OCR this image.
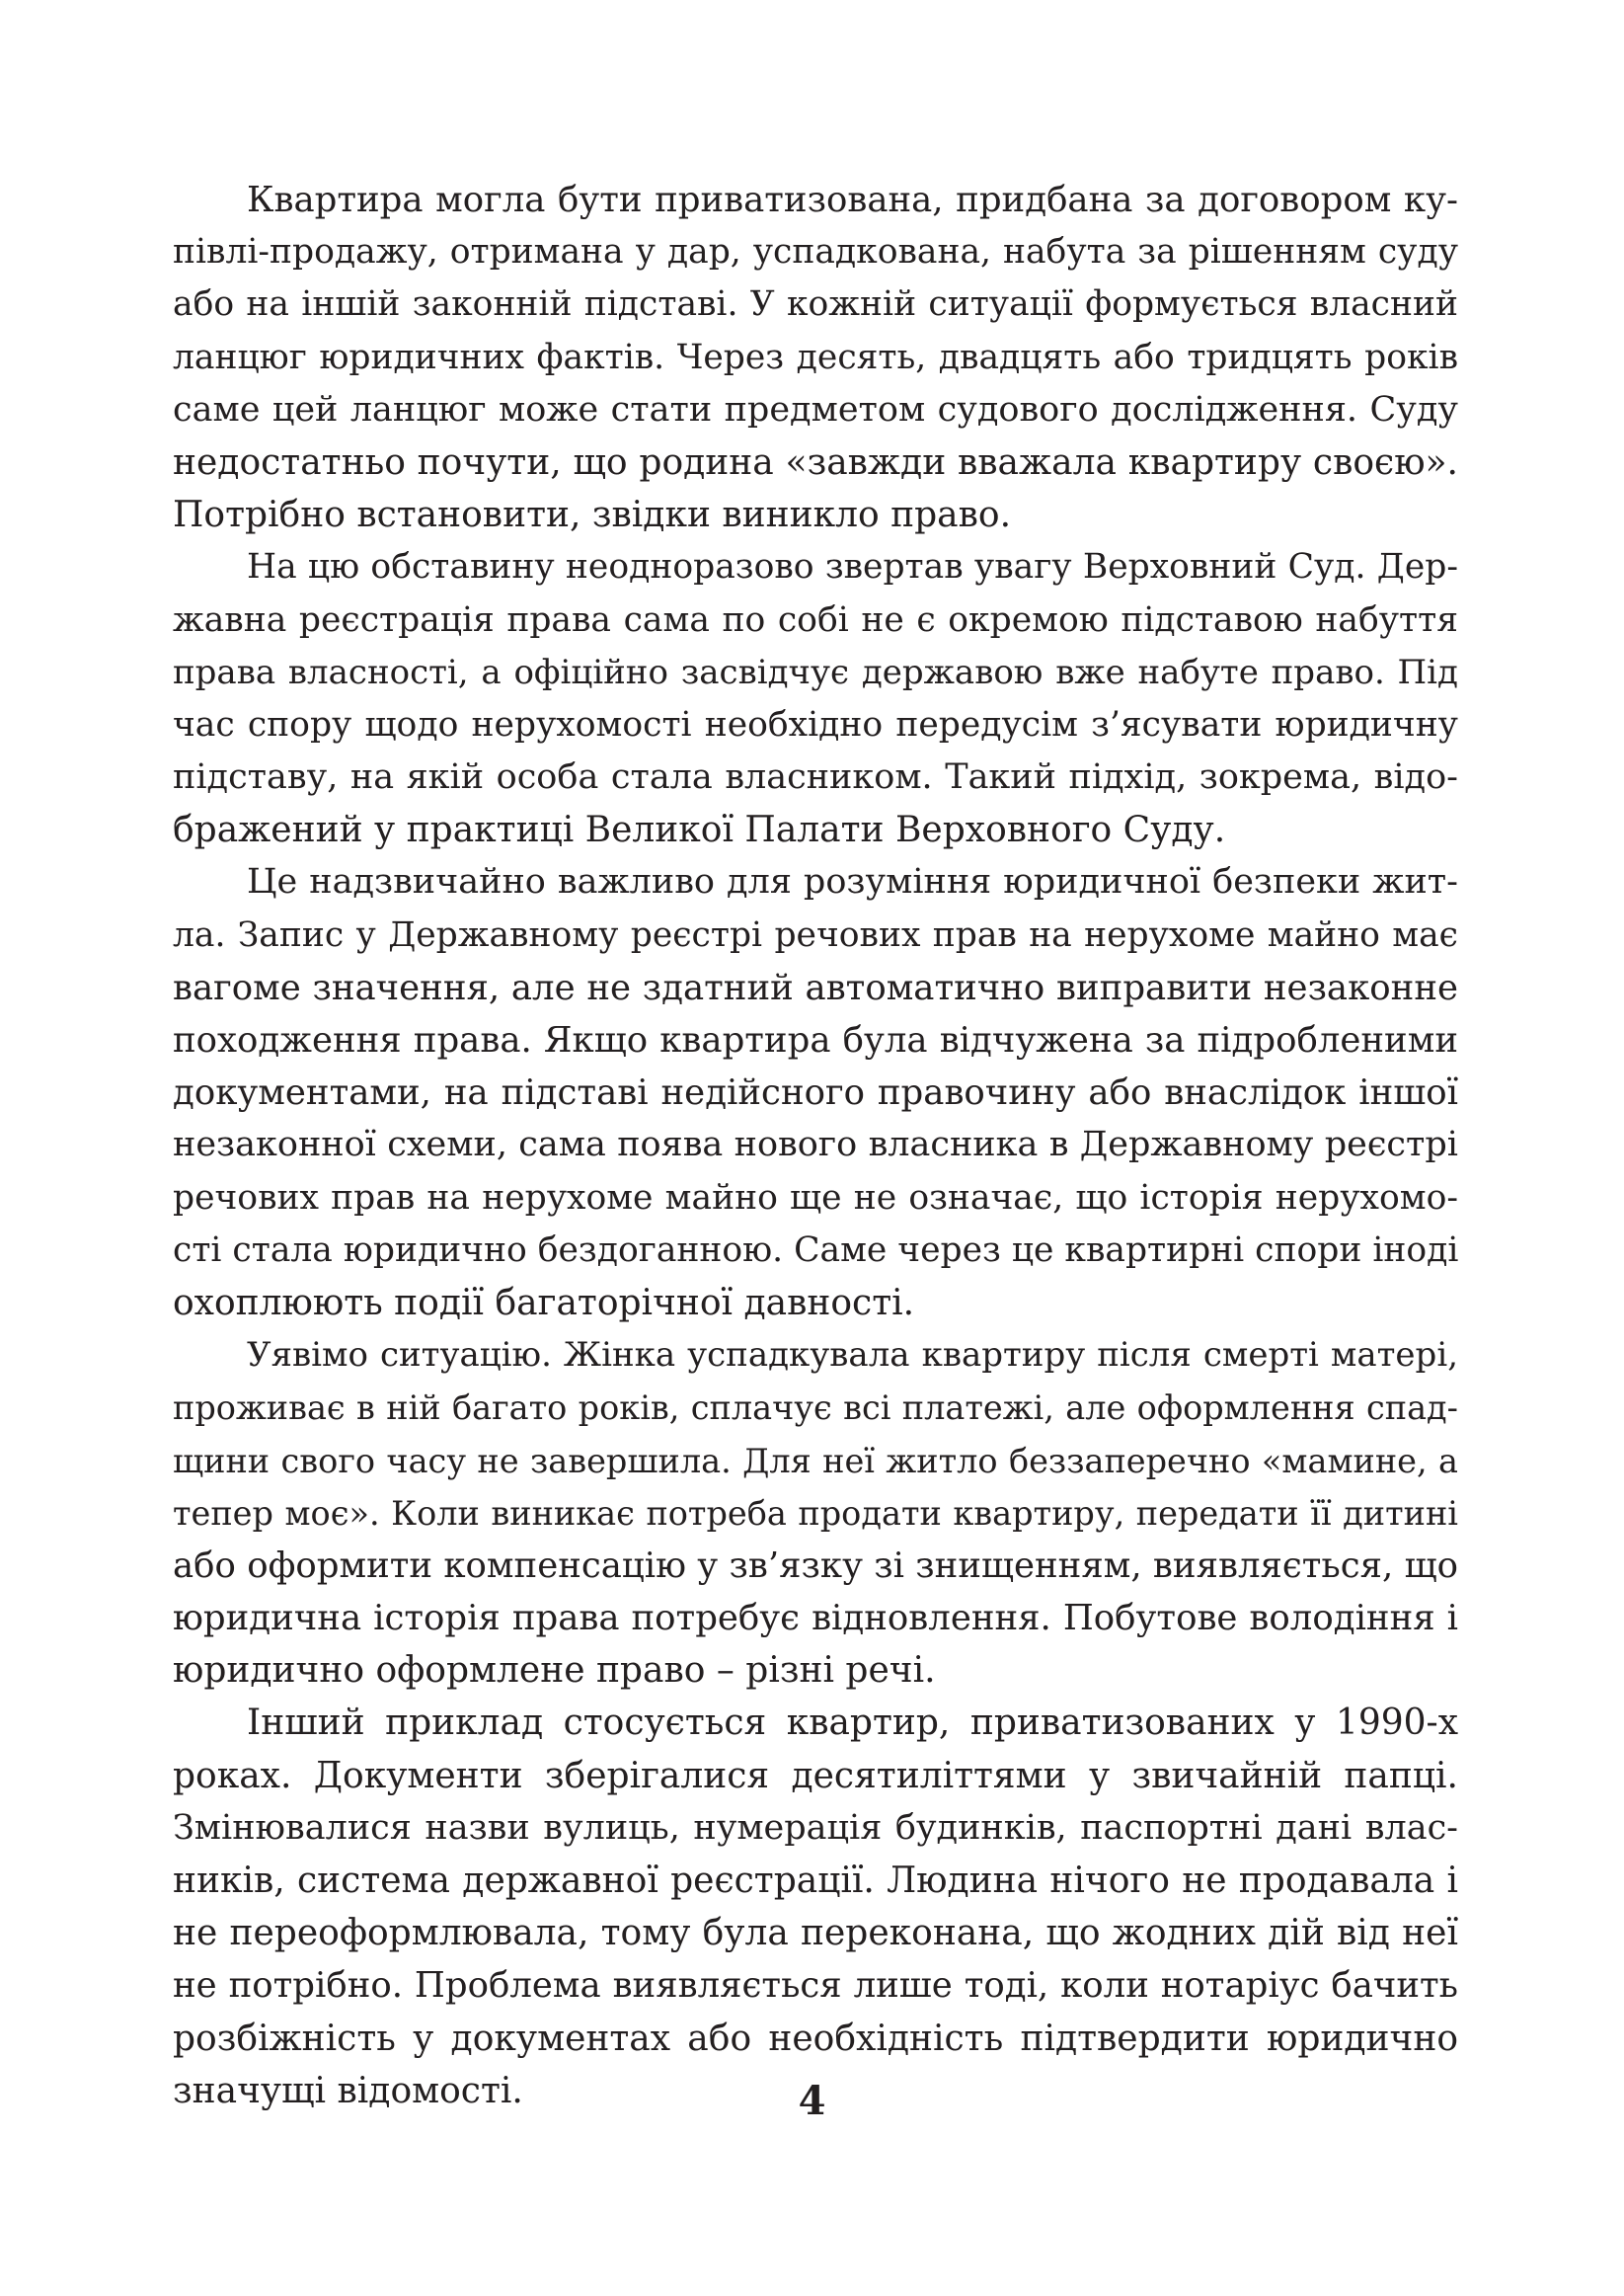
Квартира могла бути приватизована, придбана за договором ку-
півлі-продажу, отримана у дар, успадкована, набута за рішенням суду
або на іншій законній підставі. У кожній ситуації формується власний
ланцюг юридичних фактів. Через десять, двадцять або тридцять років
саме цей ланцюг може стати предметом судового дослідження. Суду
недостатньо почути, що родина «завжди вважала квартиру своєю».
Потрібно встановити, звідки виникло право.
На цю обставину неодноразово звертав увагу Верховний Суд. Дер-
жавна реєстрація права сама по собі не є окремою підставою набуття
права власності, а офіційно засвідчує державою вже набуте право. Під
час спору щодо нерухомості необхідно передусім з’ясувати юридичну
підставу, на якій особа стала власником. Такий підхід, зокрема, відо-
бражений у практиці Великої Палати Верховного Суду.
Це надзвичайно важливо для розуміння юридичної безпеки жит-
ла. Запис у Державному реєстрі речових прав на нерухоме майно має
вагоме значення, але не здатний автоматично виправити незаконне
походження права. Якщо квартира була відчужена за підробленими
документами, на підставі недійсного правочину або внаслідок іншої
незаконної схеми, сама поява нового власника в Державному реєстрі
речових прав на нерухоме майно ще не означає, що історія нерухомо-
сті стала юридично бездоганною. Саме через це квартирні спори іноді
охоплюють події багаторічної давності.
Уявімо ситуацію. Жінка успадкувала квартиру після смерті матері,
проживає в ній багато років, сплачує всі платежі, але оформлення спад-
щини свого часу не завершила. Для неї житло беззаперечно «мамине, а
тепер моє». Коли виникає потреба продати квартиру, передати її дитині
або оформити компенсацію у зв’язку зі знищенням, виявляється, що
юридична історія права потребує відновлення. Побутове володіння і
юридично оформлене право – різні речі.
Інший приклад стосується квартир, приватизованих у 1990-х
роках. Документи зберігалися десятиліттями у звичайній папці.
Змінювалися назви вулиць, нумерація будинків, паспортні дані влас-
ників, система державної реєстрації. Людина нічого не продавала і
не переоформлювала, тому була переконана, що жодних дій від неї
не потрібно. Проблема виявляється лише тоді, коли нотаріус бачить
розбіжність у документах або необхідність підтвердити юридично
значущі відомості.	4
